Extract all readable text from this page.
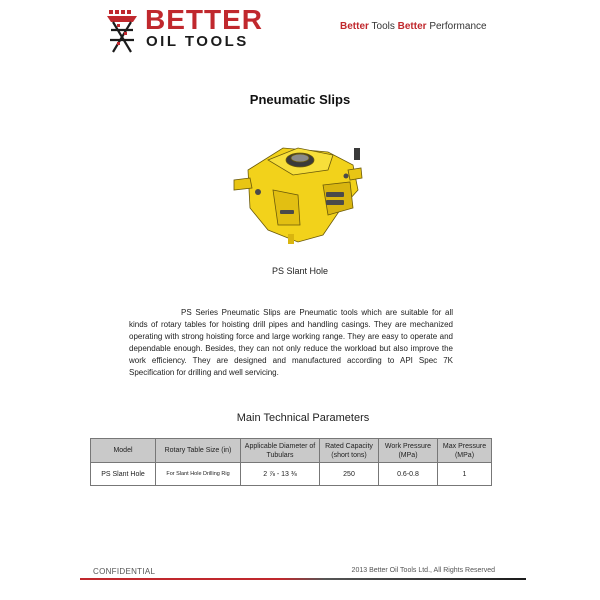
BETTER
OIL TOOLS
Better Tools Better Performance
Pneumatic Slips
PS Slant Hole
PS Series Pneumatic Slips are Pneumatic tools which are suitable for all kinds of rotary tables for hoisting drill pipes and handling casings. They are mechanized operating with strong hoisting force and large working range. They are easy to operate and dependable enough. Besides, they can not only reduce the workload but also improve the work efficiency. They are designed and manufactured according to API Spec 7K Specification for drilling and well servicing.
Main Technical Parameters
Model	Rotary Table Size (in)	Applicable Diameter of Tubulars	Rated Capacity (short tons)	Work Pressure (MPa)	Max Pressure (MPa)
PS Slant Hole	For Slant Hole Drilling Rig	2 ⅞ - 13 ⅜	250	0.6-0.8	1
CONFIDENTIAL	2013 Better Oil Tools Ltd., All Rights Reserved
